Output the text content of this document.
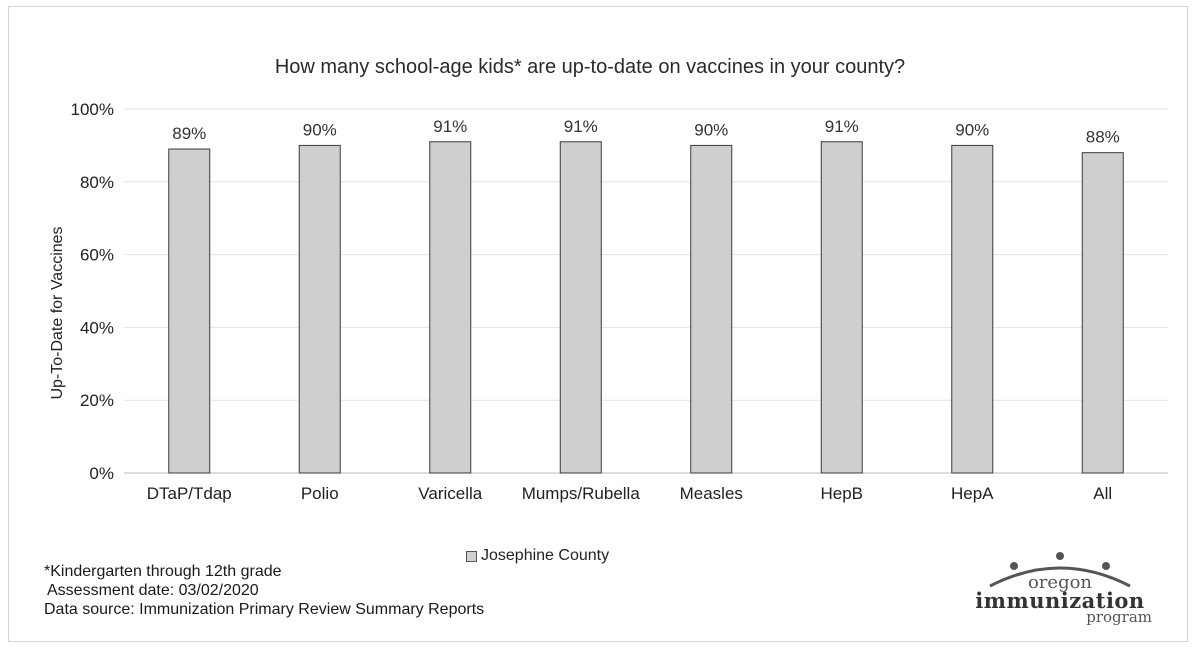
How many school-age kids* are up-to-date on vaccines in your county?
0%
20%
40%
60%
80%
100%
89%	90%	91%	91%	90%	91%	90%	88%
DTaP/Tdap	Polio	Varicella Mumps/Rubella Measles	HepB	HepA	All
Up-To-Date for Vaccines
Josephine County
*Kindergarten through 12th grade
Assessment date: 03/02/2020
Data source: Immunization Primary Review Summary Reports
oregon
immunization
program
